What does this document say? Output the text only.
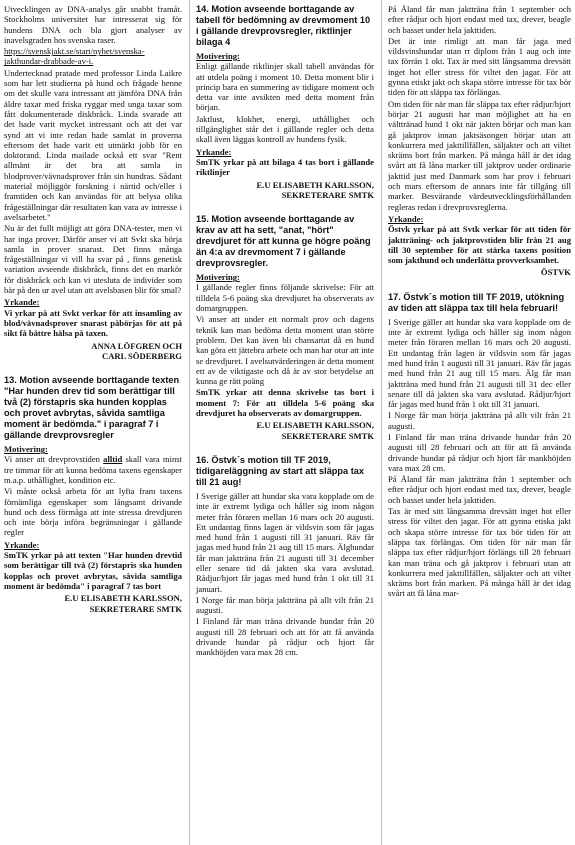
Utvecklingen av DNA-analys går snabbt framåt. Stockholms universitet har intresserat sig för hundens DNA och bla gjort analyser av inavelsgraden hos svenska raser.

https://svenskjakt.se/start/nyhet/svenska-jakthundar-drabbade-av-i.

Undertecknad pratade med professor Linda Laikre som har lett studierna på hund och frågade henne om det skulle vara intressant att jämföra DNA från äldre taxar med friska ryggar med unga taxar som fått dokumenterade diskbråck. Linda svarade att det hade varit mycket intressant och att det var synd att vi inte redan hade samlat in proverna eftersom det hade varit ett utmärkt jobb för en doktorand. Linda mailade också ett svar "Rent allmänt är det bra att samla in blodprover/vävnadsprover från sin hundras. Sådant material möjliggör forskning i närtid och/eller i framtiden och kan användas för att belysa olika frågeställningar där resultaten kan vara av intresse i avelsarbetet."

Nu är det fullt möjligt att göra DNA-tester, men vi har inga prover. Därför anser vi att Svkt ska börja samla in prover snarast. Det finns många frågeställningar vi vill ha svar på , finns genetisk variation avseende diskbråck, finns det en markör för diskbråck och kan vi utesluta de individer som bär på den ur avel utan att avelsbasen blir för smal?

Yrkande:

Vi yrkar på att Svkt verkar för att insamling av blod/vävnadsprover snarast påbörjas för att på sikt få bättre hälsa på taxen.

ANNA LÖFGREN OCH
CARL SÖDERBERG
13. Motion avseende borttagande texten "Har hunden drev tid som berättigar till två (2) förstapris ska hunden kopplas och provet avbrytas, såvida samtliga moment är bedömda." i paragraf 7 i gällande drevprovsregler
Motivering:

Vi anser att drevprovstiden alltid skall vara minst tre timmar för att kunna bedöma taxens egenskaper m.a.p. uthållighet, kondition etc.

Vi måste också arbeta för att lyfta fram taxens förnämliga egenskaper som långsamt drivande hund och dess förmåga att inte stressa drevdjuren och inte börja införa begränsningar i gällande regler

Yrkande:

SmTK yrkar på att texten "Har hunden drevtid som berättigar till två (2) förstapris ska hunden kopplas och provet avbrytas, såvida samtliga moment är bedömda" i paragraf 7 tas bort

E.U ELISABETH KARLSSON,
SEKRETERARE SMTK
14. Motion avseende borttagande av tabell för bedömning av drevmoment 10 i gällande drevprovsregler, riktlinjer bilaga 4
Motivering:

Enligt gällande riktlinjer skall tabell användas för att utdela poäng i moment 10. Detta moment blir i princip bara en summering av tidigare moment och detta var inte avsikten med detta moment från början.

Jaktlust, klokhet, energi, uthållighet och tillgänglighet står det i gällande regler och detta skall även läggas kontroll av hundens fysik.

Yrkande:

SmTK yrkar på att bilaga 4 tas bort i gällande riktlinjer

E.U ELISABETH KARLSSON,
SEKRETERARE SMTK
15. Motion avseende borttagande av krav av att ha sett, "anat, "hört" drevdjuret för att kunna ge högre poäng än 4:a av drevmoment 7 i gällande drevprovsregler.
Motivering:

I gällande regler finns följande skrivelse: För att tilldela 5-6 poäng ska drevdjuret ha observerats av domargruppen.

Vi anser att under ett normalt prov och dagens teknik kan man bedöma detta moment utan större problem. Det kan även bli chansartat då en hund kan göra ett jättebra arbete och man har otur att inte se drevdjuret. I avelsutvärderingen är detta moment ett av de viktigaste och då är av stor betydelse att kunna ge rätt poäng

SmTK yrkar att denna skrivelse tas bort i moment 7: För att tilldela 5-6 poäng ska drevdjuret ha observerats av domargruppen.

E.U ELISABETH KARLSSON,
SEKRETERARE SMTK
16. Östvk´s motion till TF 2019, tidigareläggning av start att släppa tax till 21 aug!

I Sverige gäller att hundar ska vara kopplade om de inte är extremt lydiga och håller sig inom någon meter från föraren mellan 16 mars och 20 augusti. Ett undantag finns lagen är vildsvin som får jagas med hund från 1 augusti till 31 januari. Räv får jagas med hund från 21 aug till 15 mars. Älghundar får man jaktträna från 21 augusti till 31 december eller senare tid då jakten ska vara avslutad. Rådjur/hjort får jagas med hund från 1 okt till 31 januari.

I Norge får man börja jaktträna på allt vilt från 21 augusti.

I Finland får man träna drivande hundar från 20 augusti till 28 februari och att för att få använda drivande hundar på rådjur och hjort får mankhöjden vara max 28 cm.

På Åland får man jaktträna från 1 september och efter rådjur och hjort endast med tax, drever, beagle och basset under hela jakttiden.

Det är inte rimligt att man får jaga med vildsvinshundar utan rr diplom från 1 aug och inte tax förrän 1 okt. Tax är med sitt långsamma drevsätt inget hot eller stress för viltet den jagar. För att gynna etiskt jakt och skapa större intresse för tax bör tiden för att släppa tax förlängas.

Om tiden för när man får släppa tax efter rådjur/hjort börjar 21 augusti har man möjlighet att ha en välttränad hund 1 okt när jakten börjar och man kan gå jaktprov innan jaktsäsongen börjar utan att konkurrera med jakttillfällen, säljakter och att viltet skräms bort från marken. På många håll är det idag svårt att få låna marker till jaktprov under ordinarie jakttid just med Danmark som har prov i februari och mars eftersom de annars inte får tillgång till marker. Besvärande värdeutvecklingsförhållanden regleras redan i drevprovsreglerna.

Yrkande:

Östvk yrkar på att Svtk verkar för att tiden för jaktträning- och jaktprovstiden blir från 21 aug till 30 september för att stärka taxens position som jakthund och underlätta provverksamhet.

ÖSTVK
17. Östvk´s motion till TF 2019, utökning av tiden att släppa tax till hela februari!

I Sverige gäller att hundar ska vara kopplade om de inte är extremt lydiga och håller sig inom någon meter från föraren mellan 16 mars och 20 augusti. Ett undantag från lagen är vildsvin som får jagas med hund från 1 augusti till 31 januari. Räv får jagas med hund från 21 aug till 15 mars. Älg får man jaktträna med hund från 21 augusti till 31 dec eller senare till då jakten ska vara avslutad. Rådjur/hjort får jagas med hund från 1 okt till 31 januari.

I Norge får man börja jaktträna på allt vilt från 21 augusti.

I Finland får man träna drivande hundar från 20 augusti till 28 februari och att för att få använda drivande hundar på rådjur och hjort får mankhöjden vara max 28 cm.

På Åland får man jaktträna från 1 september och efter rådjur och hjort endast med tax, drever, beagle och basset under hela jakttiden.

Tax är med sitt långsamma drevsätt inget hot eller stress för viltet den jagar. För att gynna etiska jakt och skapa större intresse för tax bör tiden för att släppa tax förlängas. Om tiden för när man får släppa tax efter rådjur/hjort förlängs till 28 februari kan man träna och gå jaktprov i februari utan att konkurrera med jakttillfällen, säljakter och att viltet skräms bort från marken. På många håll är det idag svårt att få låna mar-
